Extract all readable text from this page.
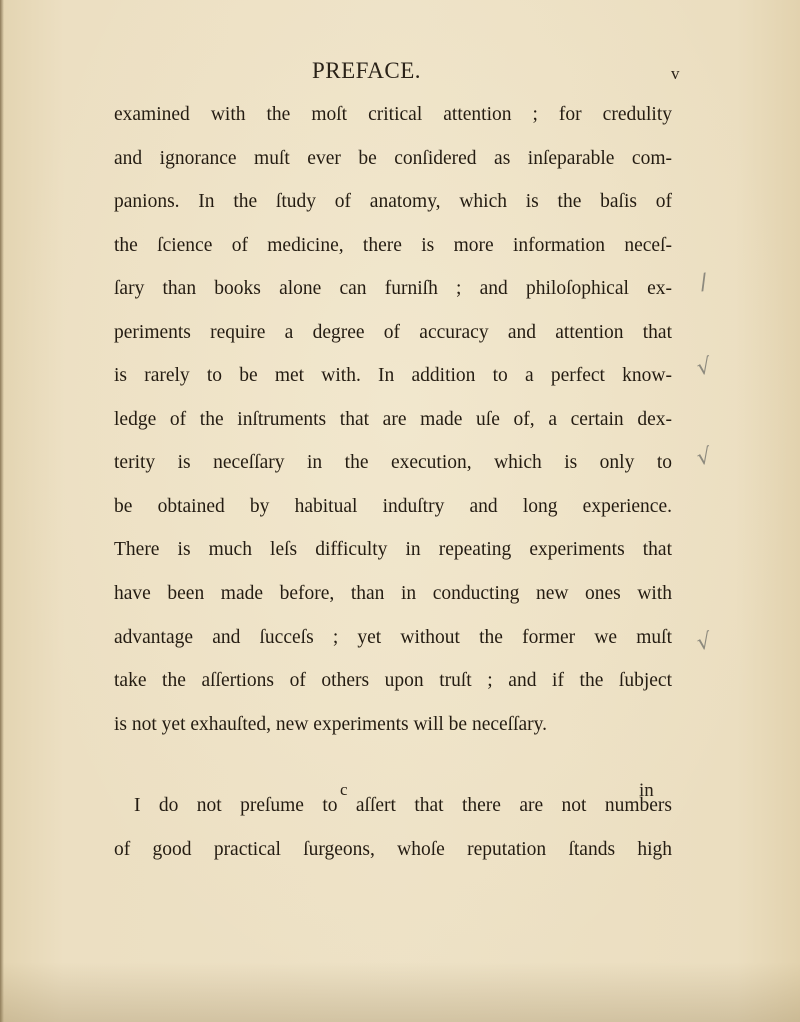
PREFACE.	v
examined with the moſt critical attention ; for credulity
and ignorance muſt ever be conſidered as inſeparable com-
panions. In the ſtudy of anatomy, which is the baſis of
the ſcience of medicine, there is more information neceſ-
ſary than books alone can furniſh ; and philoſophical ex-
periments require a degree of accuracy and attention that
is rarely to be met with. In addition to a perfect know-
ledge of the inſtruments that are made uſe of, a certain dex-
terity is neceſſary in the execution, which is only to
be obtained by habitual induſtry and long experience.
There is much leſs difficulty in repeating experiments that
have been made before, than in conducting new ones with
advantage and ſucceſs ; yet without the former we muſt
take the aſſertions of others upon truſt ; and if the ſubject
is not yet exhauſted, new experiments will be neceſſary.
I do not preſume to aſſert that there are not numbers
of good practical ſurgeons, whoſe reputation ſtands high
c	in
/
√
√
√
